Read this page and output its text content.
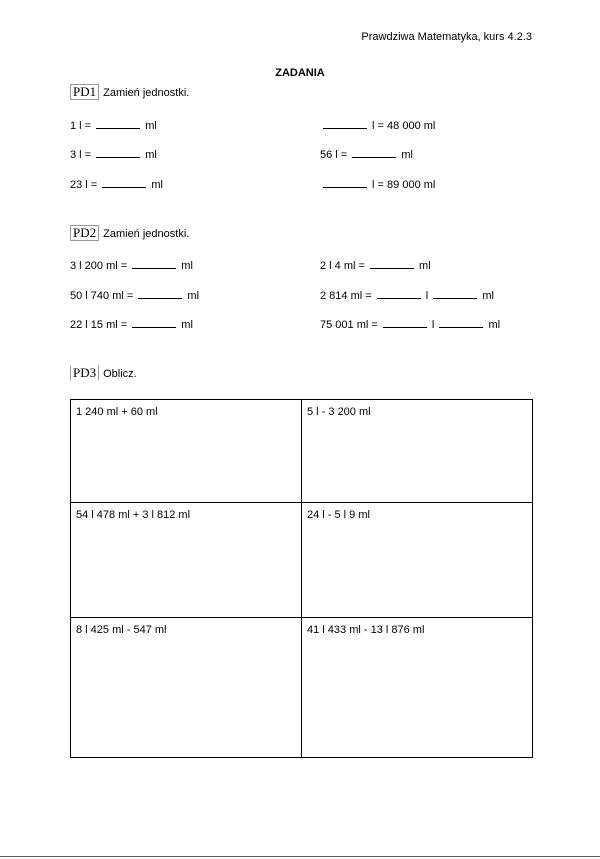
Prawdziwa Matematyka, kurs 4.2.3
ZADANIA
PD1 Zamień jednostki.
1 l =	ml	l = 48 000 ml
3 l =	ml	56 l =	ml
23 l =	ml	l = 89 000 ml
PD2 Zamień jednostki.
3 l 200 ml =	ml	2 l 4 ml =	ml
50 l 740 ml =	ml	2 814 ml =	l	ml
22 l 15 ml =	ml	75 001 ml =	l	ml
PD3 Oblicz.
1 240 ml + 60 ml	5 l - 3 200 ml
54 l 478 ml + 3 l 812 ml	24 l - 5 l 9 ml
8 l 425 ml - 547 ml	41 l 433 ml - 13 l 876 ml
